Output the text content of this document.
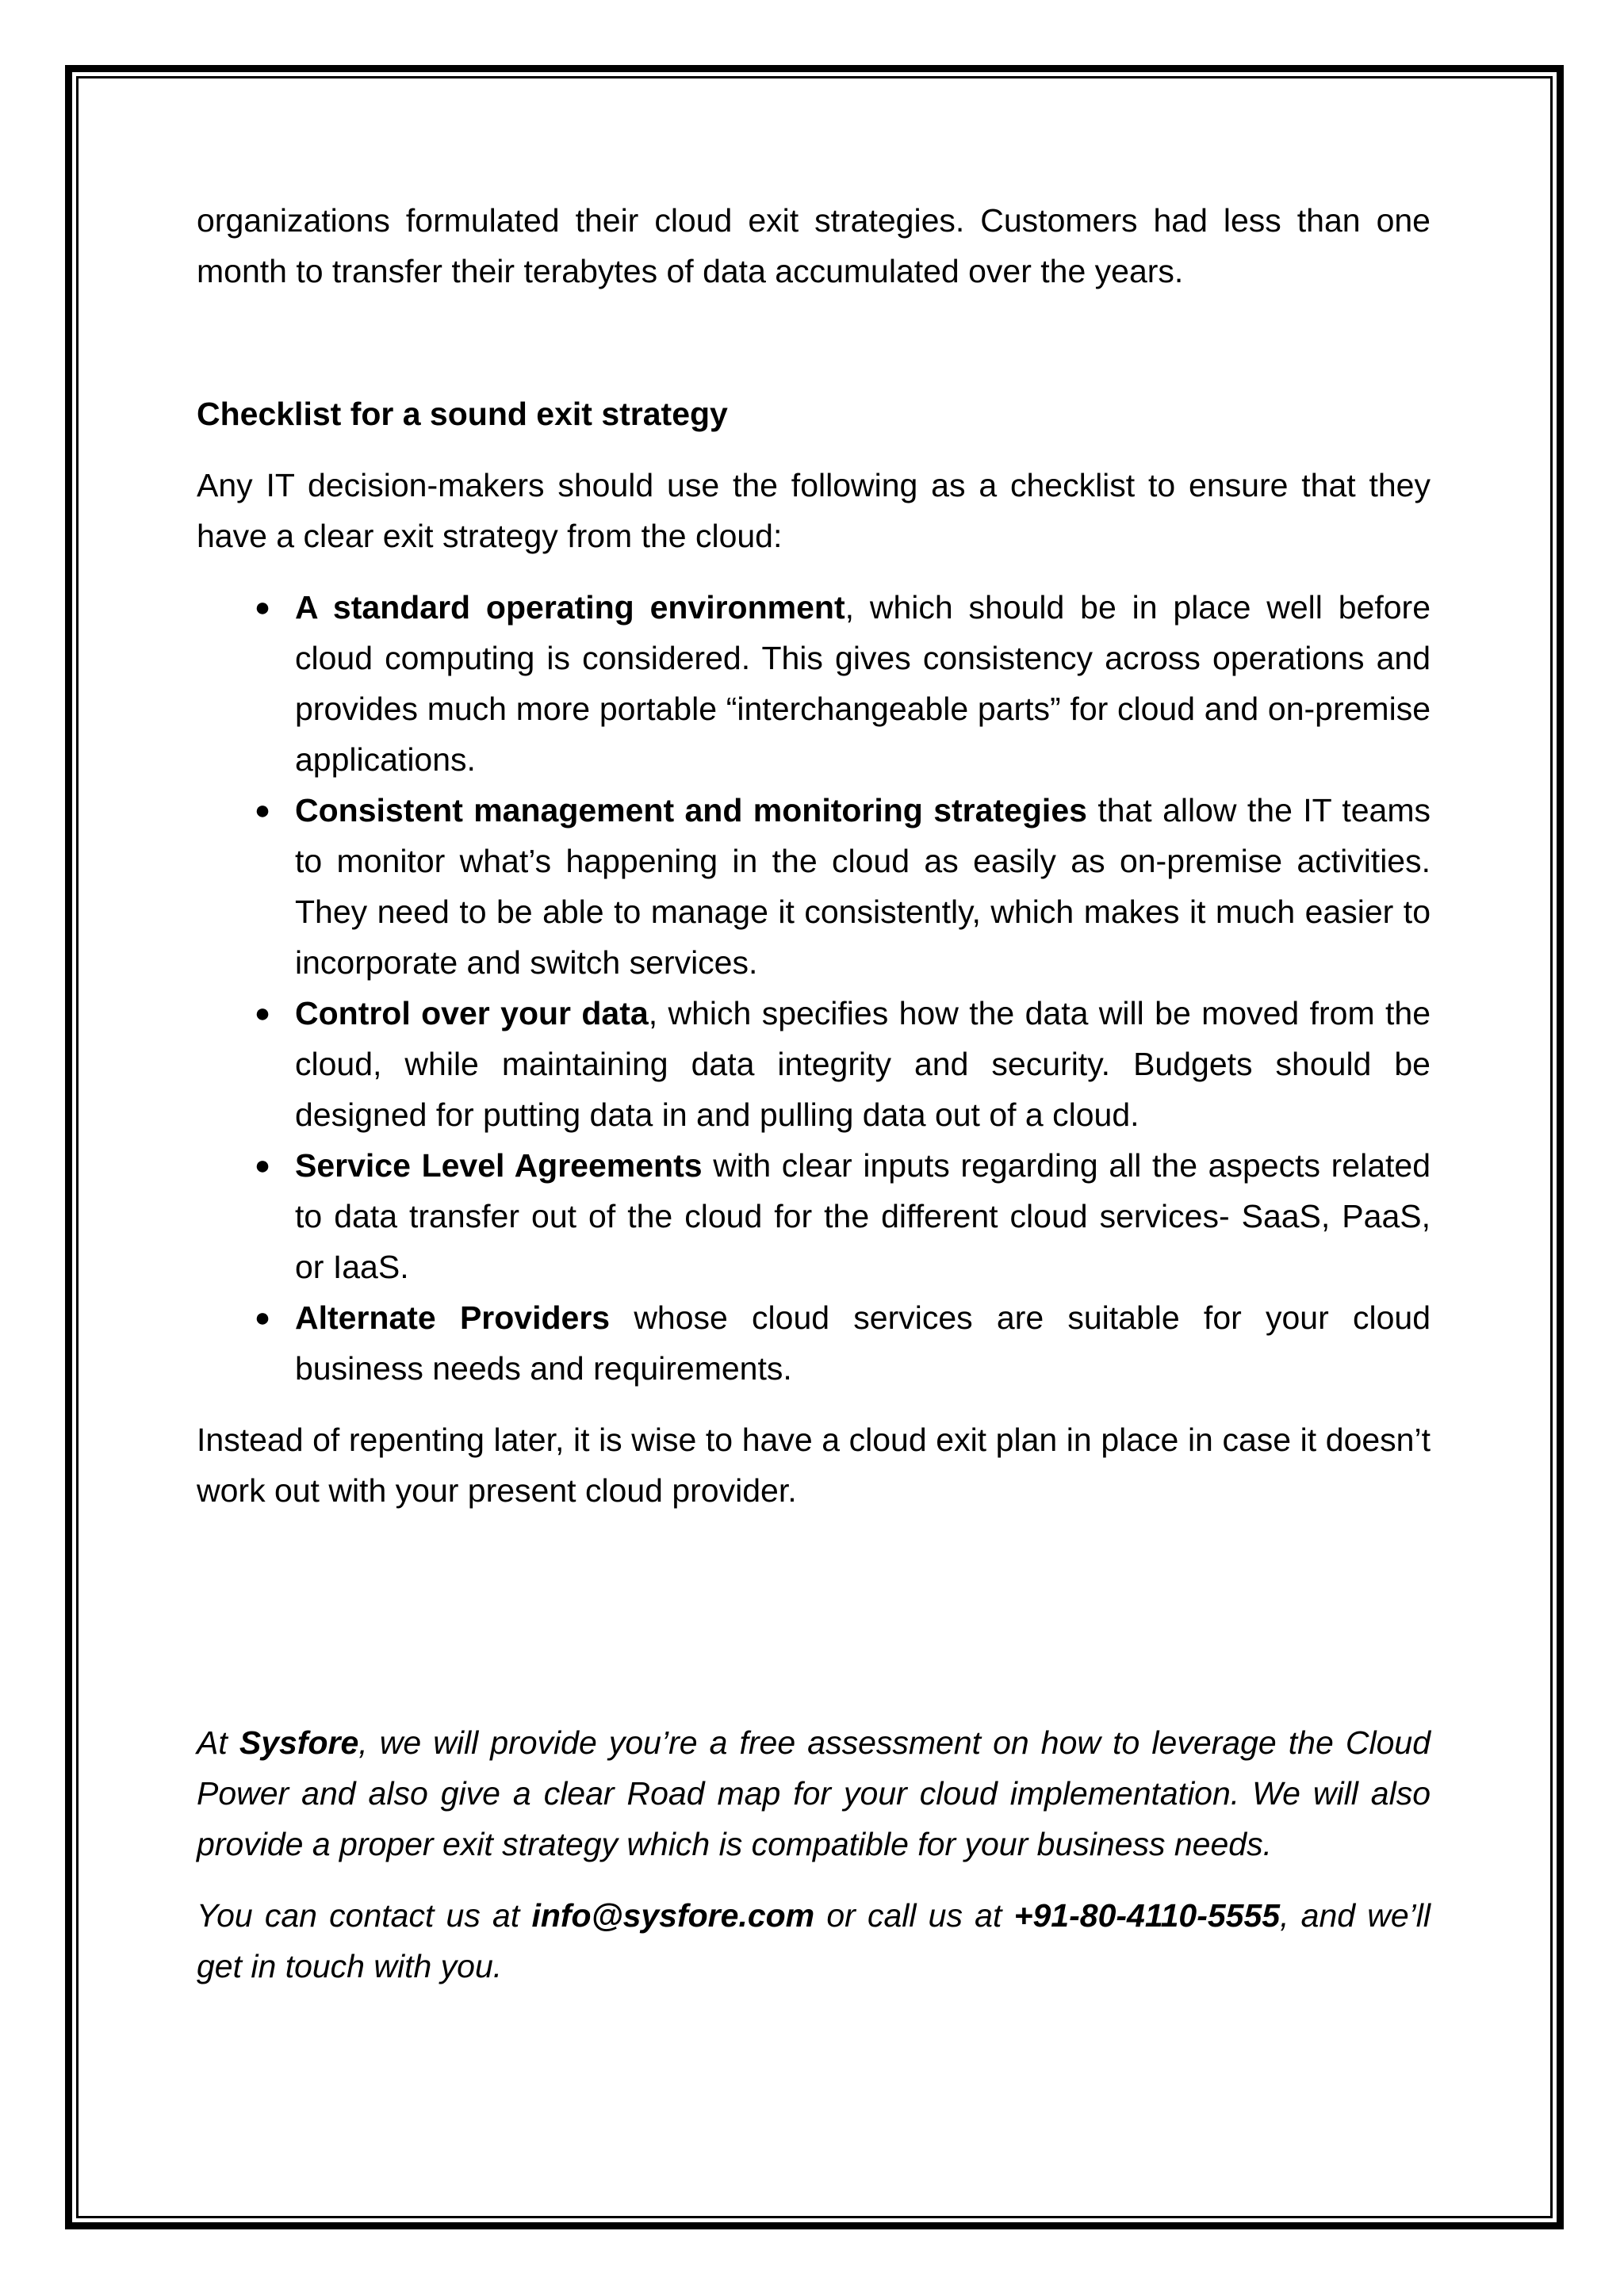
organizations formulated their cloud exit strategies. Customers had less than one month to transfer their terabytes of data accumulated over the years.

Checklist for a sound exit strategy

Any IT decision-makers should use the following as a checklist to ensure that they have a clear exit strategy from the cloud:

● A standard operating environment, which should be in place well before cloud computing is considered. This gives consistency across operations and provides much more portable “interchangeable parts” for cloud and on-premise applications.
● Consistent management and monitoring strategies that allow the IT teams to monitor what’s happening in the cloud as easily as on-premise activities. They need to be able to manage it consistently, which makes it much easier to incorporate and switch services.
● Control over your data, which specifies how the data will be moved from the cloud, while maintaining data integrity and security. Budgets should be designed for putting data in and pulling data out of a cloud.
● Service Level Agreements with clear inputs regarding all the aspects related to data transfer out of the cloud for the different cloud services- SaaS, PaaS, or IaaS.
● Alternate Providers whose cloud services are suitable for your cloud business needs and requirements.

Instead of repenting later, it is wise to have a cloud exit plan in place in case it doesn’t work out with your present cloud provider.

At Sysfore, we will provide you’re a free assessment on how to leverage the Cloud Power and also give a clear Road map for your cloud implementation. We will also provide a proper exit strategy which is compatible for your business needs.

You can contact us at info@sysfore.com or call us at +91-80-4110-5555, and we’ll get in touch with you.
